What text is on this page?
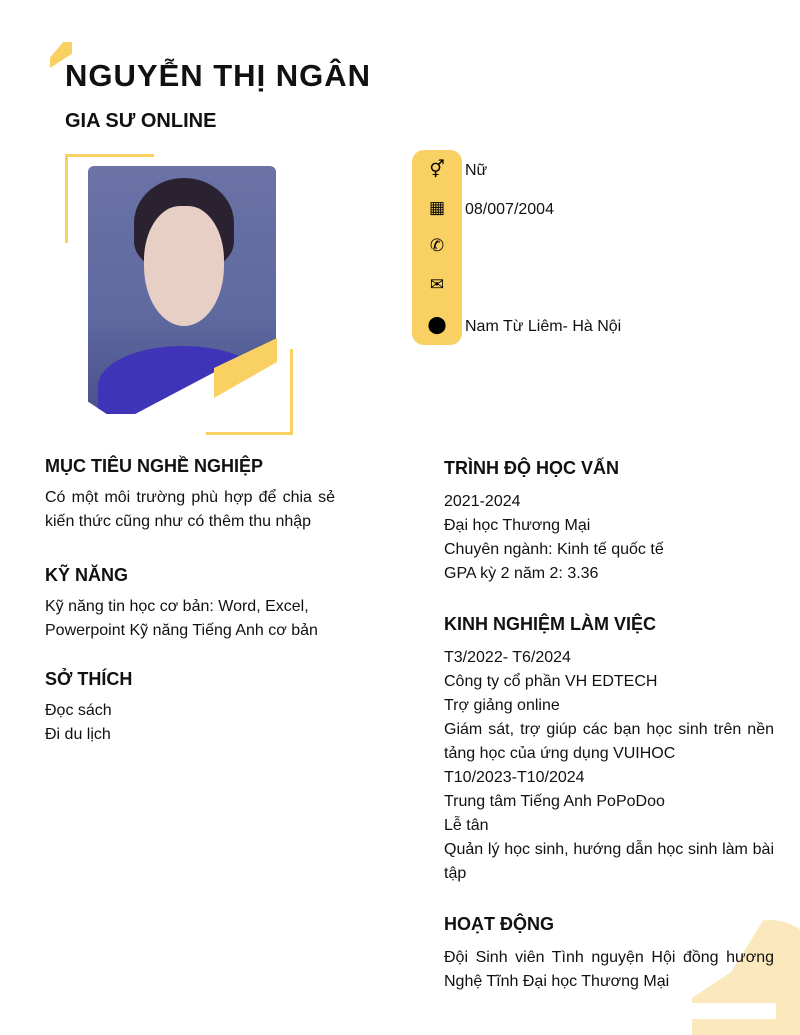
NGUYỄN THỊ NGÂN
GIA SƯ ONLINE
⚥
▦
✆
✉
⬤
Nữ
08/007/2004
Nam Từ Liêm- Hà Nội
MỤC TIÊU NGHỀ NGHIỆP
Có một môi trường phù hợp để chia sẻ kiến thức cũng như có thêm thu nhập
KỸ NĂNG
Kỹ năng tin học cơ bản: Word, Excel, Powerpoint Kỹ năng Tiếng Anh cơ bản
SỞ THÍCH
Đọc sách
Đi du lịch
TRÌNH ĐỘ HỌC VẤN
2021-2024
Đại học Thương Mại
Chuyên ngành: Kinh tế quốc tế
GPA kỳ 2 năm 2: 3.36
KINH NGHIỆM LÀM VIỆC
T3/2022- T6/2024
Công ty cổ phần VH EDTECH
Trợ giảng online
Giám sát, trợ giúp các bạn học sinh trên nền tảng học của ứng dụng VUIHOC
T10/2023-T10/2024
Trung tâm Tiếng Anh PoPoDoo
Lễ tân
Quản lý học sinh, hướng dẫn học sinh làm bài tập
HOẠT ĐỘNG
Đội Sinh viên Tình nguyện Hội đồng hương Nghệ Tĩnh Đại học Thương Mại
